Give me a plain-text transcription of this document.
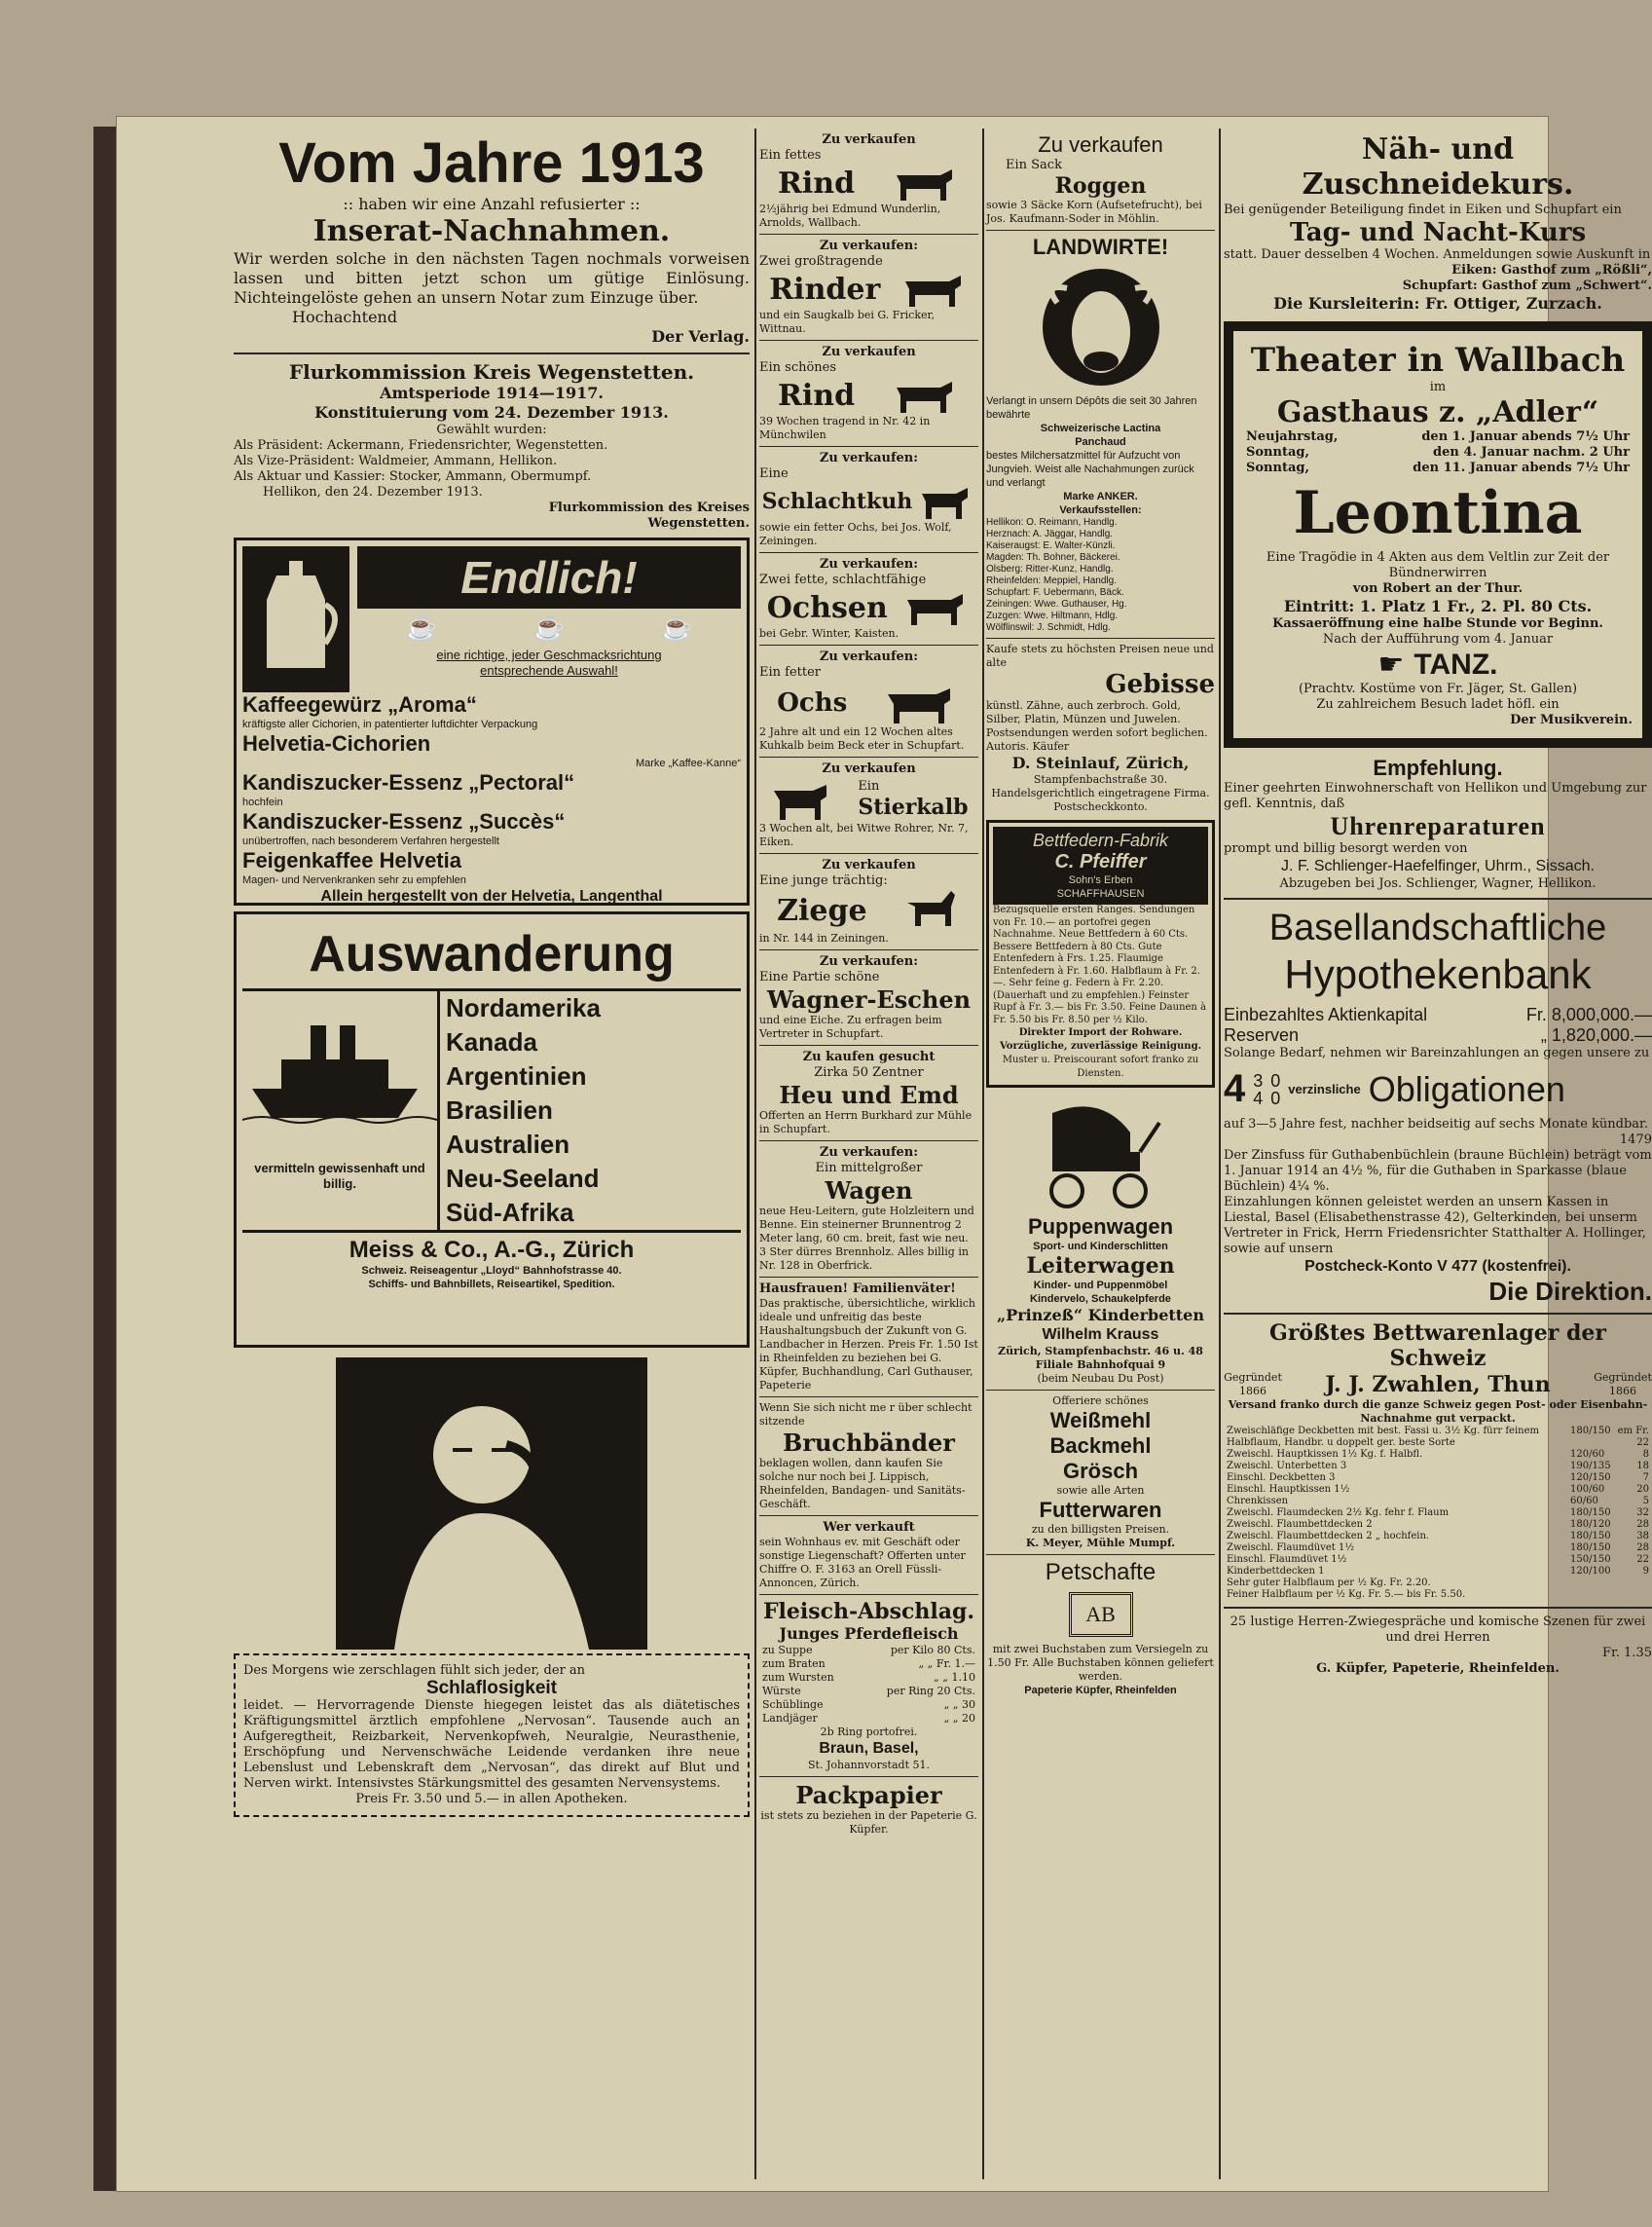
Vom Jahre 1913
:: haben wir eine Anzahl refusierter ::
Inserat-Nachnahmen.
Wir werden solche in den nächsten Tagen nochmals vorweisen lassen und bitten jetzt schon um gütige Einlösung. Nichteingelöste gehen an unsern Notar zum Einzuge über.
Hochachtend
Der Verlag.
Flurkommission Kreis Wegenstetten.
Amtsperiode 1914—1917.
Konstituierung vom 24. Dezember 1913.
Gewählt wurden:
Als Präsident: Ackermann, Friedensrichter, Wegenstetten.
Als Vize-Präsident: Waldmeier, Ammann, Hellikon.
Als Aktuar und Kassier: Stocker, Ammann, Obermumpf.
Hellikon, den 24. Dezember 1913.
Flurkommission des Kreises
Wegenstetten.
Endlich!
☕	☕	☕
eine richtige, jeder Geschmacksrichtung
entsprechende Auswahl!
Kaffeegewürz „Aroma“
kräftigste aller Cichorien, in patentierter luftdichter Verpackung
Helvetia-Cichorien
Marke „Kaffee-Kanne“
Kandiszucker-Essenz „Pectoral“
hochfein
Kandiszucker-Essenz „Succès“
unübertroffen, nach besonderem Verfahren hergestellt
Feigenkaffee Helvetia
Magen- und Nervenkranken sehr zu empfehlen
Allein hergestellt von der Helvetia, Langenthal
Auswanderung
vermitteln gewissenhaft und billig.
Nordamerika
Kanada
Argentinien
Brasilien
Australien
Neu-Seeland
Süd-Afrika
Meiss & Co., A.-G., Zürich
Schweiz. Reiseagentur „Lloyd“ Bahnhofstrasse 40.
Schiffs- und Bahnbillets, Reiseartikel, Spedition.
Des Morgens wie zerschlagen fühlt sich jeder, der an
Schlaflosigkeit
leidet. — Hervorragende Dienste hiegegen leistet das als diätetisches Kräftigungsmittel ärztlich empfohlene „Nervosan“. Tausende auch an Aufgeregtheit, Reizbarkeit, Nervenkopfweh, Neuralgie, Neurasthenie, Erschöpfung und Nervenschwäche Leidende verdanken ihre neue Lebenslust und Lebenskraft dem „Nervosan“, das direkt auf Blut und Nerven wirkt. Intensivstes Stärkungsmittel des gesamten Nervensystems.
Preis Fr. 3.50 und 5.— in allen Apotheken.
Zu verkaufen
Ein fettes
Rind
2½jährig bei Edmund Wunderlin, Arnolds, Wallbach.
Zu verkaufen:
Zwei großtragende
Rinder
und ein Saugkalb bei G. Fricker, Wittnau.
Zu verkaufen
Ein schönes
Rind
39 Wochen tragend in Nr. 42 in Münchwilen
Zu verkaufen:
Eine
Schlachtkuh
sowie ein fetter Ochs, bei Jos. Wolf, Zeiningen.
Zu verkaufen:
Zwei fette, schlachtfähige
Ochsen
bei Gebr. Winter, Kaisten.
Zu verkaufen:
Ein fetter
Ochs
2 Jahre alt und ein 12 Wochen altes Kuhkalb beim Beck eter in Schupfart.
Zu verkaufen
Ein
Stierkalb
3 Wochen alt, bei Witwe Rohrer, Nr. 7, Eiken.
Zu verkaufen
Eine junge trächtig:
Ziege
in Nr. 144 in Zeiningen.
Zu verkaufen:
Eine Partie schöne
Wagner-Eschen
und eine Eiche. Zu erfragen beim Vertreter in Schupfart.
Zu kaufen gesucht
Zirka 50 Zentner
Heu und Emd
Offerten an Herrn Burkhard zur Mühle in Schupfart.
Zu verkaufen:
Ein mittelgroßer
Wagen
neue Heu-Leitern, gute Holzleitern und Benne. Ein steinerner Brunnentrog 2 Meter lang, 60 cm. breit, fast wie neu. 3 Ster dürres Brennholz. Alles billig in Nr. 128 in Oberfrick.
Hausfrauen! Familienväter!
Das praktische, übersichtliche, wirklich ideale und unfreitig das beste Haushaltungsbuch der Zukunft von G. Landbacher in Herzen. Preis Fr. 1.50 Ist in Rheinfelden zu beziehen bei G. Küpfer, Buchhandlung, Carl Guthauser, Papeterie
Wenn Sie sich nicht me r über schlecht sitzende
Bruchbänder
beklagen wollen, dann kaufen Sie solche nur noch bei J. Lippisch, Rheinfelden, Bandagen- und Sanitäts-Geschäft.
Wer verkauft
sein Wohnhaus ev. mit Geschäft oder sonstige Liegenschaft? Offerten unter Chiffre O. F. 3163 an Orell Füssli-Annoncen, Zürich.
Fleisch-Abschlag.
Junges Pferdefleisch
zu Suppe	per Kilo 80 Cts.
zum Braten	„ „ Fr. 1.—
zum Wursten	„ „ 1.10
Würste	per Ring 20 Cts.
Schüblinge	„ „ 30
Landjäger	„ „ 20
2b Ring portofrei.
Braun, Basel,
St. Johannvorstadt 51.
Packpapier
ist stets zu beziehen in der Papeterie G. Küpfer.
Zu verkaufen
Ein Sack
Roggen
sowie 3 Säcke Korn (Aufsetefrucht), bei Jos. Kaufmann-Soder in Möhlin.
LANDWIRTE!
Verlangt in unsern Dépôts die seit 30 Jahren bewährte
Schweizerische Lactina
Panchaud
bestes Milchersatzmittel für Aufzucht von Jungvieh. Weist alle Nachahmungen zurück und verlangt
Marke ANKER.
Verkaufsstellen:
Hellikon: O. Reimann, Handlg.
Herznach: A. Jäggar, Handlg.
Kaiseraugst: E. Walter-Künzli.
Magden: Th. Bohner, Bäckerei.
Olsberg: Ritter-Kunz, Handlg.
Rheinfelden: Meppiel, Handlg.
Schupfart: F. Uebermann, Bäck.
Zeiningen: Wwe. Guthauser, Hg.
Zuzgen: Wwe. Hiltmann, Hdlg.
Wölflinswil: J. Schmidt, Hdlg.
Kaufe stets zu höchsten Preisen neue und alte
Gebisse
künstl. Zähne, auch zerbroch. Gold, Silber, Platin, Münzen und Juwelen. Postsendungen werden sofort beglichen. Autoris. Käufer
D. Steinlauf, Zürich,
Stampfenbachstraße 30. Handelsgerichtlich eingetragene Firma. Postscheckkonto.
Bettfedern-Fabrik
C. Pfeiffer
Sohn's Erben
SCHAFFHAUSEN
Bezugsquelle ersten Ranges. Sendungen von Fr. 10.— an portofrei gegen Nachnahme. Neue Bettfedern à 60 Cts. Bessere Bettfedern à 80 Cts. Gute Entenfedern à Frs. 1.25. Flaumige Entenfedern à Fr. 1.60. Halbflaum à Fr. 2.—. Sehr feine g. Federn à Fr. 2.20. (Dauerhaft und zu empfehlen.) Feinster Rupf à Fr. 3.— bis Fr. 3.50. Feine Daunen à Fr. 5.50 bis Fr. 8.50 per ½ Kilo.
Direkter Import der Rohware. Vorzügliche, zuverlässige Reinigung.
Muster u. Preiscourant sofort franko zu Diensten.
Puppenwagen
Sport- und Kinderschlitten
Leiterwagen
Kinder- und Puppenmöbel
Kindervelo, Schaukelpferde
„Prinzeß“ Kinderbetten
Wilhelm Krauss
Zürich, Stampfenbachstr. 46 u. 48
Filiale Bahnhofquai 9
(beim Neubau Du Post)
Offeriere schönes
Weißmehl
Backmehl
Grösch
sowie alle Arten
Futterwaren
zu den billigsten Preisen.
K. Meyer, Mühle Mumpf.
Petschafte
AB
mit zwei Buchstaben zum Versiegeln zu 1.50 Fr. Alle Buchstaben können geliefert werden.
Papeterie Küpfer, Rheinfelden
Näh- und Zuschneidekurs.
Bei genügender Beteiligung findet in Eiken und Schupfart ein
Tag- und Nacht-Kurs
statt. Dauer desselben 4 Wochen. Anmeldungen sowie Auskunft in
Eiken: Gasthof zum „Rößli“,
Schupfart: Gasthof zum „Schwert“.
Die Kursleiterin: Fr. Ottiger, Zurzach.
Theater in Wallbach
im
Gasthaus z. „Adler“
Neujahrstag,	den 1. Januar abends 7½ Uhr
Sonntag,	den 4. Januar nachm. 2 Uhr
Sonntag,	den 11. Januar abends 7½ Uhr
Leontina
Eine Tragödie in 4 Akten aus dem Veltlin zur Zeit der Bündnerwirren
von Robert an der Thur.
Eintritt: 1. Platz 1 Fr., 2. Pl. 80 Cts.
Kassaeröffnung eine halbe Stunde vor Beginn.
Nach der Aufführung vom 4. Januar
☛ TANZ.
(Prachtv. Kostüme von Fr. Jäger, St. Gallen)
Zu zahlreichem Besuch ladet höfl. ein
Der Musikverein.
Empfehlung.
Einer geehrten Einwohnerschaft von Hellikon und Umgebung zur gefl. Kenntnis, daß
Uhrenreparaturen
prompt und billig besorgt werden von
J. F. Schlienger-Haefelfinger, Uhrm., Sissach.
Abzugeben bei Jos. Schlienger, Wagner, Hellikon.
Basellandschaftliche
Hypothekenbank
Einbezahltes Aktienkapital	Fr. 8,000,000.—
Reserven	„ 1,820,000.—
Solange Bedarf, nehmen wir Bareinzahlungen an gegen unsere zu
4 3
4
0
0 verzinsliche Obligationen
auf 3—5 Jahre fest, nachher beidseitig auf sechs Monate kündbar.
1479
Der Zinsfuss für Guthabenbüchlein (braune Büchlein) beträgt vom 1. Januar 1914 an 4½ %, für die Guthaben in Sparkasse (blaue Büchlein) 4¼ %.
Einzahlungen können geleistet werden an unsern Kassen in Liestal, Basel (Elisabethenstrasse 42), Gelterkinden, bei unserm Vertreter in Frick, Herrn Friedensrichter Statthalter A. Hollinger, sowie auf unsern
Postcheck-Konto V 477 (kostenfrei).
Die Direktion.
Größtes Bettwarenlager der Schweiz
Gegründet 1866	J. J. Zwahlen, Thun	Gegründet 1866
Versand franko durch die ganze Schweiz gegen Post- oder Eisenbahn-Nachnahme gut verpackt.
Zweischläfige Deckbetten mit best. Fassi u. 3½ Kg. fürr feinem Halbflaum, Handbr. u doppelt ger. beste Sorte	180/150	em Fr. 22
Zweischl. Hauptkissen 1½ Kg. f. Halbfl.	120/60	8
Zweischl. Unterbetten 3	190/135	18
Einschl. Deckbetten 3	120/150	7
Einschl. Hauptkissen 1½	100/60	20
Chrenkissen	60/60	5
Zweischl. Flaumdecken 2½ Kg. fehr f. Flaum	180/150	32
Zweischl. Flaumbettdecken 2	180/120	28
Zweischl. Flaumbettdecken 2 „ hochfein.	180/150	38
Zweischl. Flaumdüvet 1½	180/150	28
Einschl. Flaumdüvet 1½	150/150	22
Kinderbettdecken 1	120/100	9
Sehr guter Halbflaum per ½ Kg. Fr. 2.20.		
Feiner Halbflaum per ½ Kg. Fr. 5.— bis Fr. 5.50.		
25 lustige Herren-Zwiegespräche und komische Szenen für zwei und drei Herren
Fr. 1.35
G. Küpfer, Papeterie, Rheinfelden.
